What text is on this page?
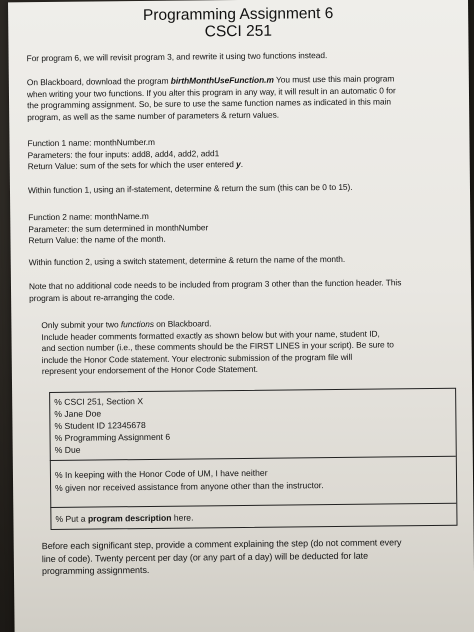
Programming Assignment 6
CSCI 251
For program 6, we will revisit program 3, and rewrite it using two functions instead.
On Blackboard, download the program birthMonthUseFunction.m You must use this main program
when writing your two functions. If you alter this program in any way, it will result in an automatic 0 for
the programming assignment. So, be sure to use the same function names as indicated in this main
program, as well as the same number of parameters & return values.
Function 1 name: monthNumber.m
Parameters: the four inputs: add8, add4, add2, add1
Return Value: sum of the sets for which the user entered y.
Within function 1, using an if-statement, determine & return the sum (this can be 0 to 15).
Function 2 name: monthName.m
Parameter: the sum determined in monthNumber
Return Value: the name of the month.
Within function 2, using a switch statement, determine & return the name of the month.
Note that no additional code needs to be included from program 3 other than the function header. This
program is about re-arranging the code.
Only submit your two functions on Blackboard.
Include header comments formatted exactly as shown below but with your name, student ID,
and section number (i.e., these comments should be the FIRST LINES in your script). Be sure to
include the Honor Code statement. Your electronic submission of the program file will
represent your endorsement of the Honor Code Statement.
% CSCI 251, Section X
% Jane Doe
% Student ID 12345678
% Programming Assignment 6
% Due
% In keeping with the Honor Code of UM, I have neither
% given nor received assistance from anyone other than the instructor.
% Put a program description here.
Before each significant step, provide a comment explaining the step (do not comment every
line of code). Twenty percent per day (or any part of a day) will be deducted for late
programming assignments.
